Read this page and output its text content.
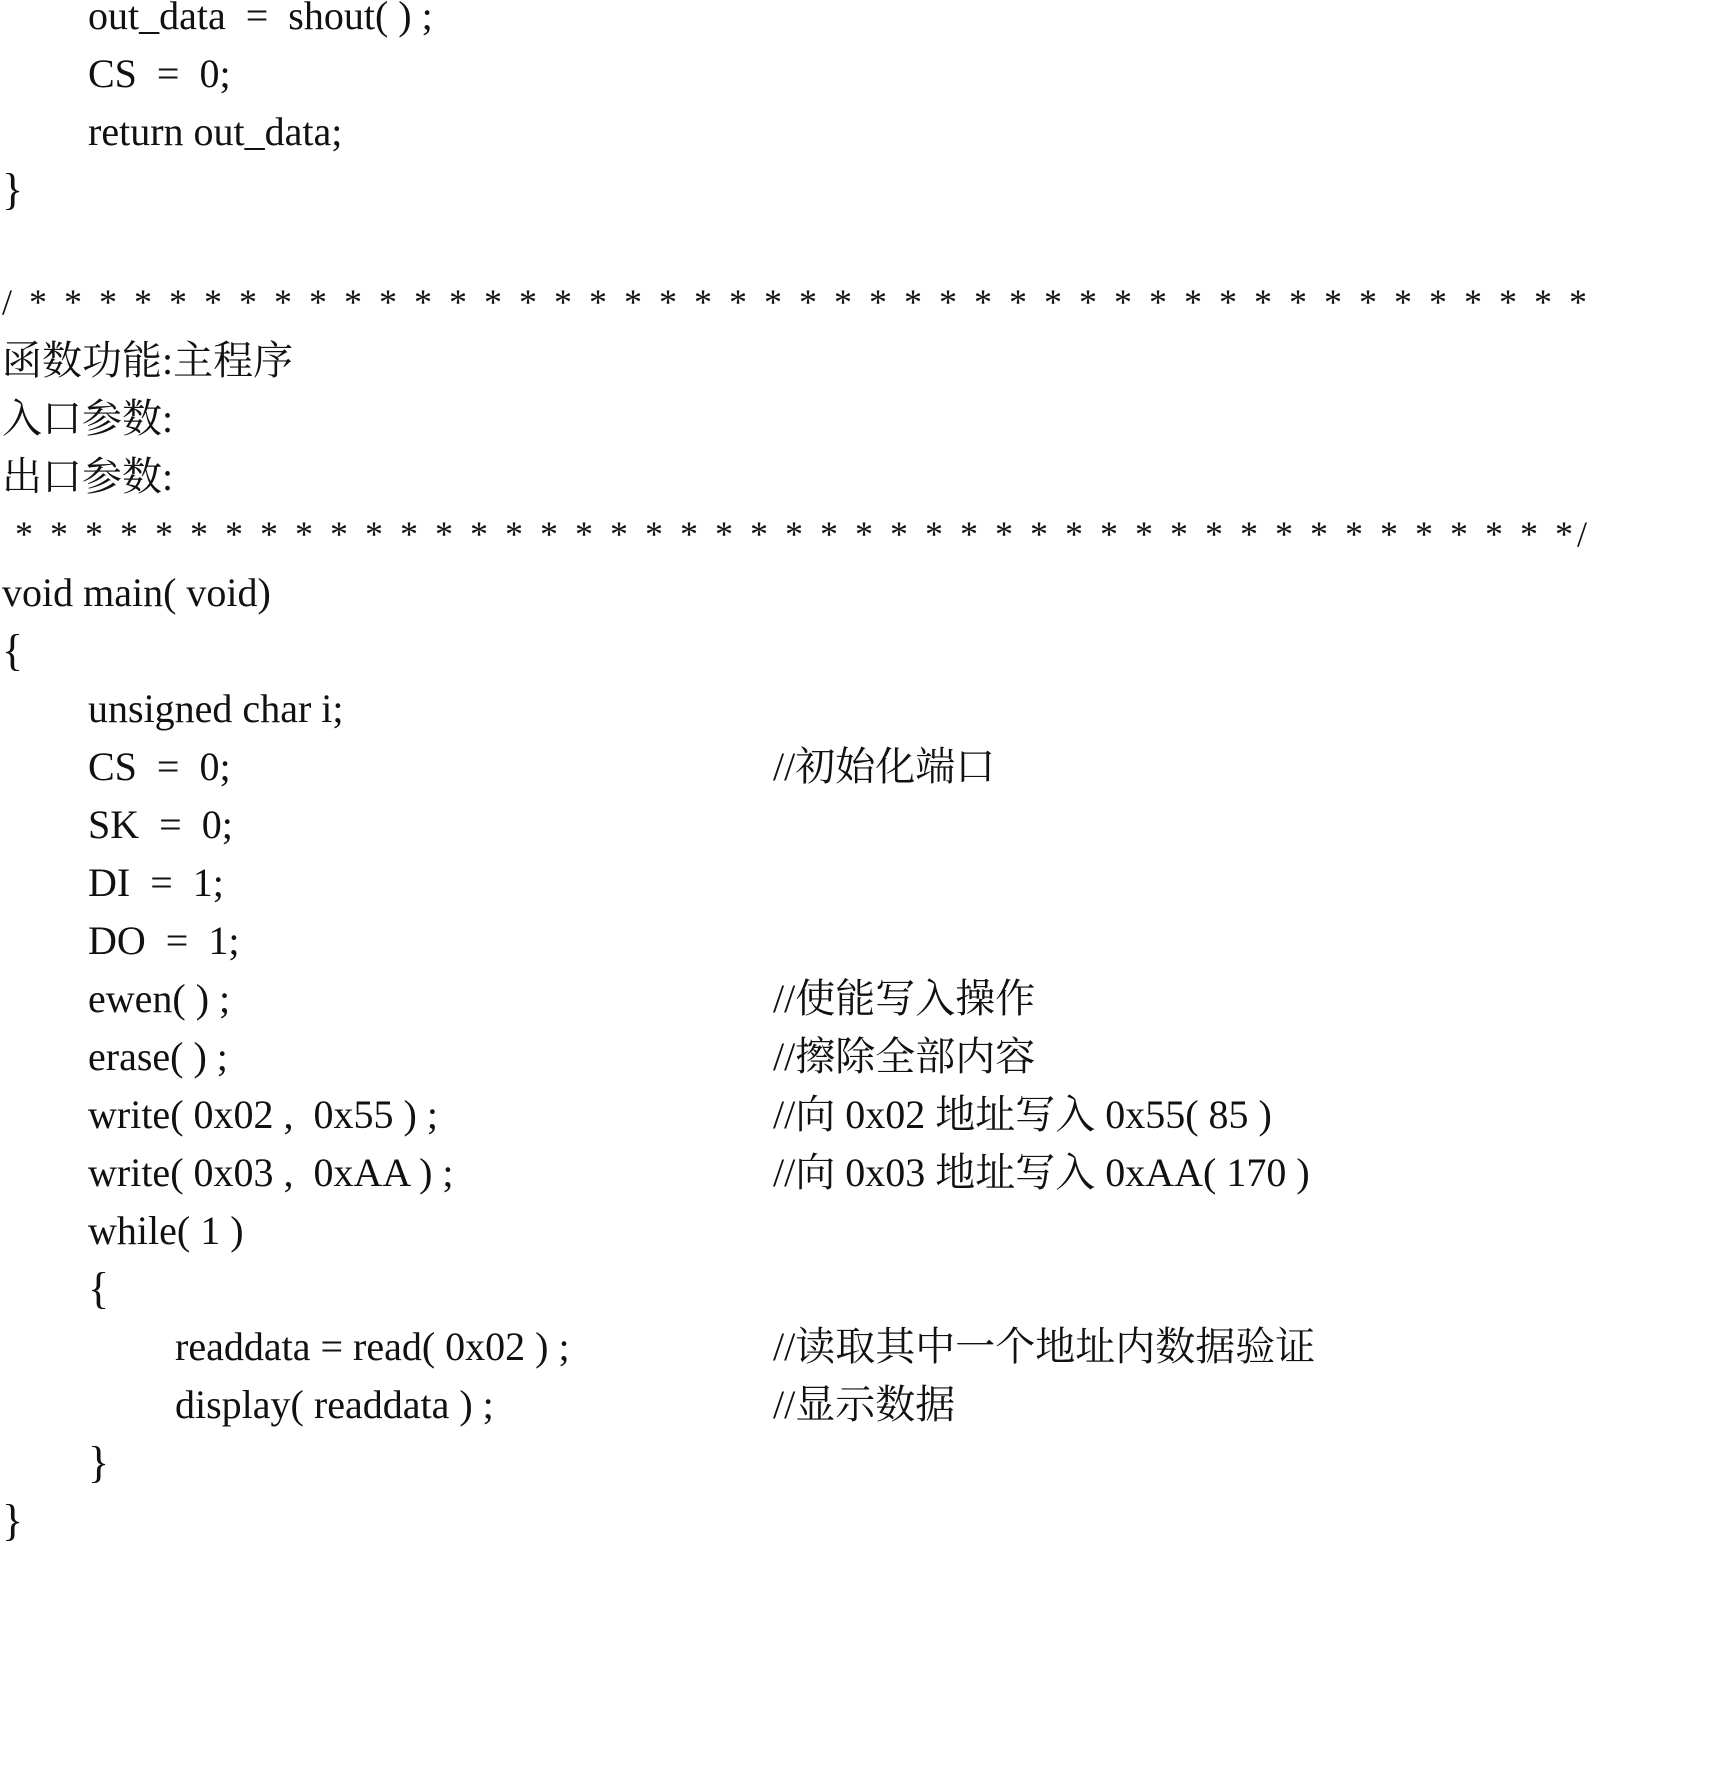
out_data  =  shout( ) ;

CS  =  0;

return out_data;

}

/ * * * * * * * * * * * * * * * * * * * * * * * * * * * * * * * * * * * * * * * * * * * * *

函数功能:主程序

入口参数:

出口参数:

* * * * * * * * * * * * * * * * * * * * * * * * * * * * * * * * * * * * * * * * * * * * */

void main( void)

{

unsigned char i;

CS  =  0;

	//初始化端口

SK  =  0;

DI  =  1;

DO  =  1;

ewen( ) ;

	//使能写入操作

erase( ) ;

	//擦除全部内容

write( 0x02 ,  0x55 ) ;

	//向 0x02 地址写入 0x55( 85 )

write( 0x03 ,  0xAA ) ;

	//向 0x03 地址写入 0xAA( 170 )

while( 1 )

{

readdata = read( 0x02 ) ;

	//读取其中一个地址内数据验证

display( readdata ) ;

	//显示数据

}

}
